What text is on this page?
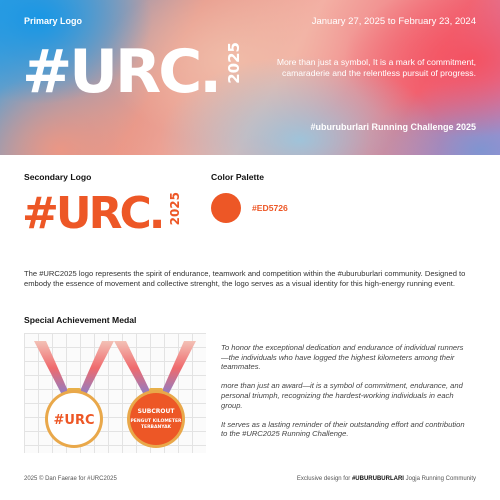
Primary Logo	January 27, 2025 to February 23, 2024
#URC. 2025	More than just a symbol, It is a mark of commitment, camaraderie and the relentless pursuit of progress.
#uburuburlari Running Challenge 2025
Secondary Logo
#URC. 2025
Color Palette
#ED5726
The #URC2025 logo represents the spirit of endurance, teamwork and competition within the #uburuburlari community. Designed to embody the essence of movement and collective strenght, the logo serves as a visual identity for this high-energy running event.
Special Achievement Medal
#URC
SUBCROUT
PENGUT KILOMETER
TERBANYAK

To honor the exceptional dedication and endurance of individual runners—the individuals who have logged the highest kilometers among their teammates.

more than just an award—it is a symbol of commitment, endurance, and personal triumph, recognizing the hardest-working individuals in each group.

It serves as a lasting reminder of their outstanding effort and contribution to the #URC2025 Running Challenge.

2025 © Dan Faerae for #URC2025	Exclusive design for #UBURUBURLARI Jogja Running Community
